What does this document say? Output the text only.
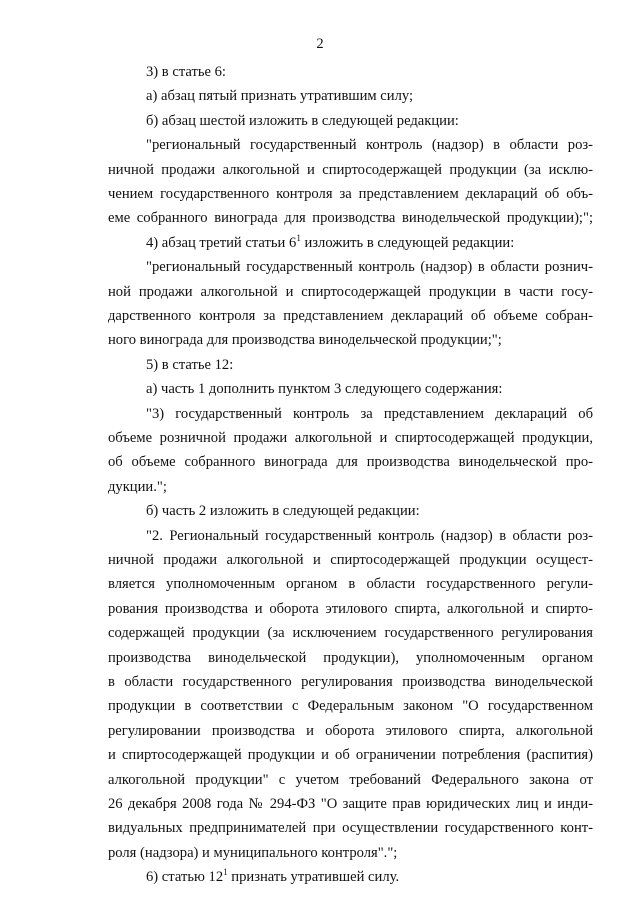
2
3) в статье 6:
а) абзац пятый признать утратившим силу;
б) абзац шестой изложить в следующей редакции:
"региональный государственный контроль (надзор) в области роз-
ничной продажи алкогольной и спиртосодержащей продукции (за исклю-
чением государственного контроля за представлением деклараций об объ-
еме собранного винограда для производства винодельческой продукции);";
4) абзац третий статьи $6^1$ изложить в следующей редакции:
"региональный государственный контроль (надзор) в области рознич-
ной продажи алкогольной и спиртосодержащей продукции в части госу-
дарственного контроля за представлением деклараций об объеме собран-
ного винограда для производства винодельческой продукции;";
5) в статье 12:
а) часть 1 дополнить пунктом 3 следующего содержания:
"3) государственный контроль за представлением деклараций об
объеме розничной продажи алкогольной и спиртосодержащей продукции,
об объеме собранного винограда для производства винодельческой про-
дукции.";
б) часть 2 изложить в следующей редакции:
"2. Региональный государственный контроль (надзор) в области роз-
ничной продажи алкогольной и спиртосодержащей продукции осущест-
вляется уполномоченным органом в области государственного регули-
рования производства и оборота этилового спирта, алкогольной и спирто-
содержащей продукции (за исключением государственного регулирования
производства винодельческой продукции), уполномоченным органом
в области государственного регулирования производства винодельческой
продукции в соответствии с Федеральным законом "О государственном
регулировании производства и оборота этилового спирта, алкогольной
и спиртосодержащей продукции и об ограничении потребления (распития)
алкогольной продукции" с учетом требований Федерального закона от
26 декабря 2008 года № 294-ФЗ "О защите прав юридических лиц и инди-
видуальных предпринимателей при осуществлении государственного конт-
роля (надзора) и муниципального контроля".";
6) статью $12^1$ признать утратившей силу.
